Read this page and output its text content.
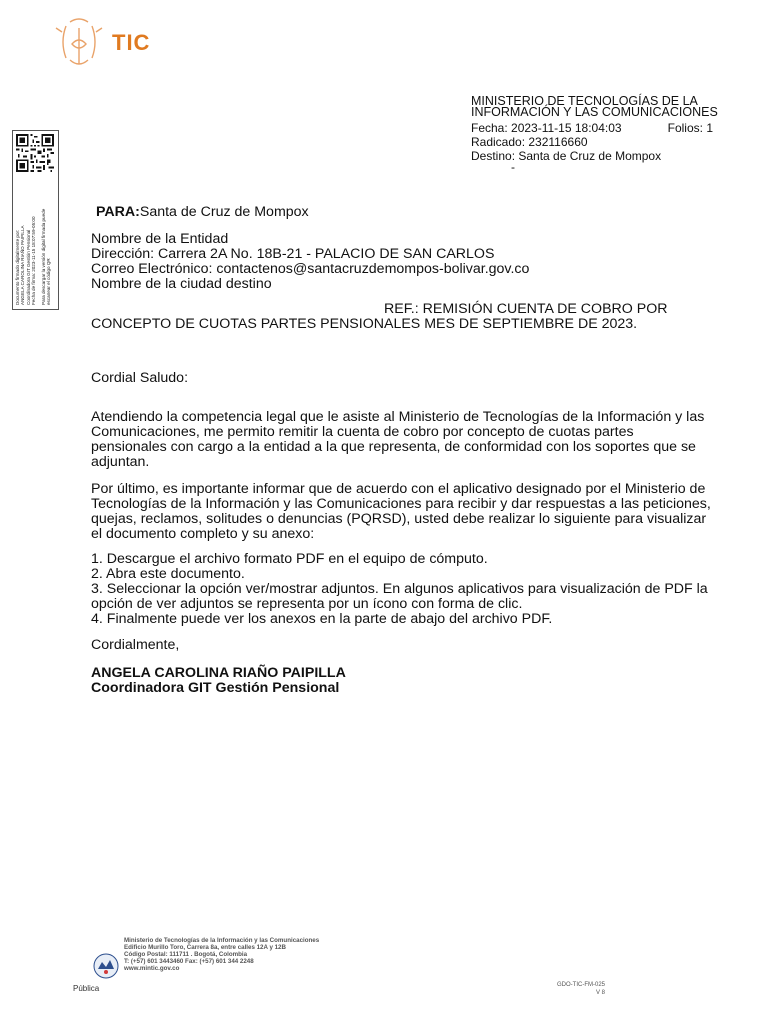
TIC
MINISTERIO DE TECNOLOGÍAS DE LA
INFORMACIÓN Y LAS COMUNICACIONES
Fecha: 2023-11-15 18:04:03	Folios: 1
Radicado: 232116660
Destino: Santa de Cruz de Mompox
-
Documento firmado digitalmente por: ANGELA CAROLINA RIAÑO PAIPILLA Coordinadora GIT Gestión Pensional Fecha de firma: 2023-11-15 18:07:59-05:00 Para descargar la versión digital firmada puede escanear el código QR
PARA:Santa de Cruz de Mompox
Nombre de la Entidad
Dirección: Carrera 2A No. 18B-21 - PALACIO DE SAN CARLOS
Correo Electrónico: contactenos@santacruzdemompos-bolivar.gov.co
Nombre de la ciudad destino
REF.: REMISIÓN CUENTA DE COBRO POR
CONCEPTO DE CUOTAS PARTES PENSIONALES MES DE SEPTIEMBRE DE 2023.
Cordial Saludo:
Atendiendo la competencia legal que le asiste al Ministerio de Tecnologías de la Información y las
Comunicaciones, me permito remitir la cuenta de cobro por concepto de cuotas partes
pensionales con cargo a la entidad a la que representa, de conformidad con los soportes que se
adjuntan.
Por último, es importante informar que de acuerdo con el aplicativo designado por el Ministerio de
Tecnologías de la Información y las Comunicaciones para recibir y dar respuestas a las peticiones,
quejas, reclamos, solitudes o denuncias (PQRSD), usted debe realizar lo siguiente para visualizar
el documento completo y su anexo:
1. Descargue el archivo formato PDF en el equipo de cómputo.
2. Abra este documento.
3. Seleccionar la opción ver/mostrar adjuntos. En algunos aplicativos para visualización de PDF la
opción de ver adjuntos se representa por un ícono con forma de clic.
4. Finalmente puede ver los anexos en la parte de abajo del archivo PDF.
Cordialmente,
ANGELA CAROLINA RIAÑO PAIPILLA
Coordinadora GIT Gestión Pensional
Ministerio de Tecnologías de la Información y las Comunicaciones
Edificio Murillo Toro, Carrera 8a, entre calles 12A y 12B
Código Postal: 111711 . Bogotá, Colombia
T: (+57) 601 3443460 Fax: (+57) 601 344 2248
www.mintic.gov.co
Pública	GDO-TIC-FM-025
V 8
